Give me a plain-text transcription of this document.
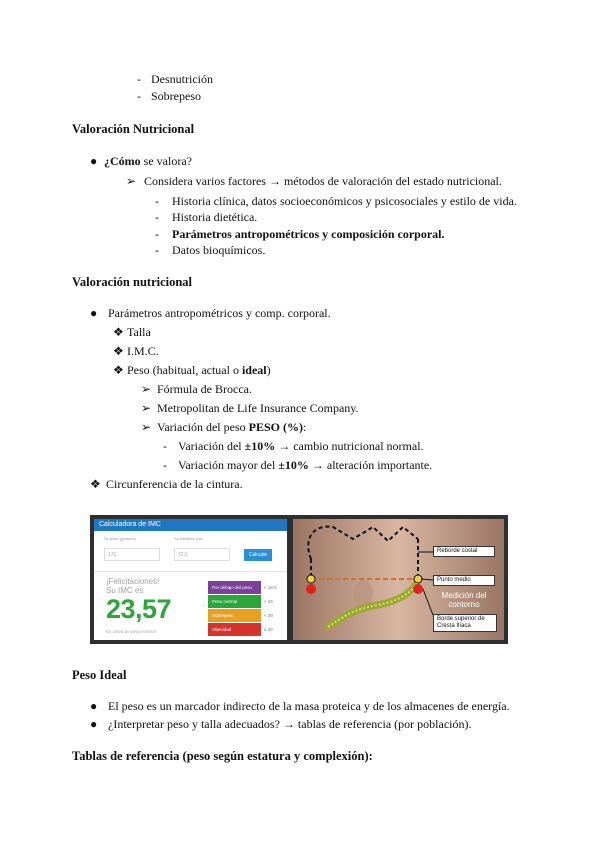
- Desnutrición
- Sobrepeso
Valoración Nutricional
● ¿Cómo se valora?
➢ Considera varios factores → métodos de valoración del estado nutricional.
- Historia clínica, datos socioeconómicos y psicosociales y estilo de vida.
- Historia dietética.
- Parámetros antropométricos y composición corporal.
- Datos bioquímicos.
Valoración nutricional
● Parámetros antropométricos y comp. corporal.
❖ Talla
❖ I.M.C.
❖ Peso (habitual, actual o ideal)
➢ Fórmula de Brocca.
➢ Metropolitan de Life Insurance Company.
➢ Variación del peso PESO (%):
- Variación del ±10% → cambio nutricional normal.
- Variación mayor del ±10% → alteración importante.
❖ Circunferencia de la cintura.
Calculadora de IMC
Su peso (gramos)	Su estatura (cm)
170	72,5	Calcular
¡Felicitaciones!
Su IMC es
23,57
Es usted de peso normal
→
Por debajo del peso
Peso normal
Sobrepeso
Obesidad
< 18,5
< 25
< 30
≥ 30
Reborde costal
Punto medio
Medición del contorno
Borde superior de Cresta Ilíaca
Peso Ideal
● El peso es un marcador indirecto de la masa proteica y de los almacenes de energía.
● ¿Interpretar peso y talla adecuados? → tablas de referencia (por población).
Tablas de referencia (peso según estatura y complexión):
